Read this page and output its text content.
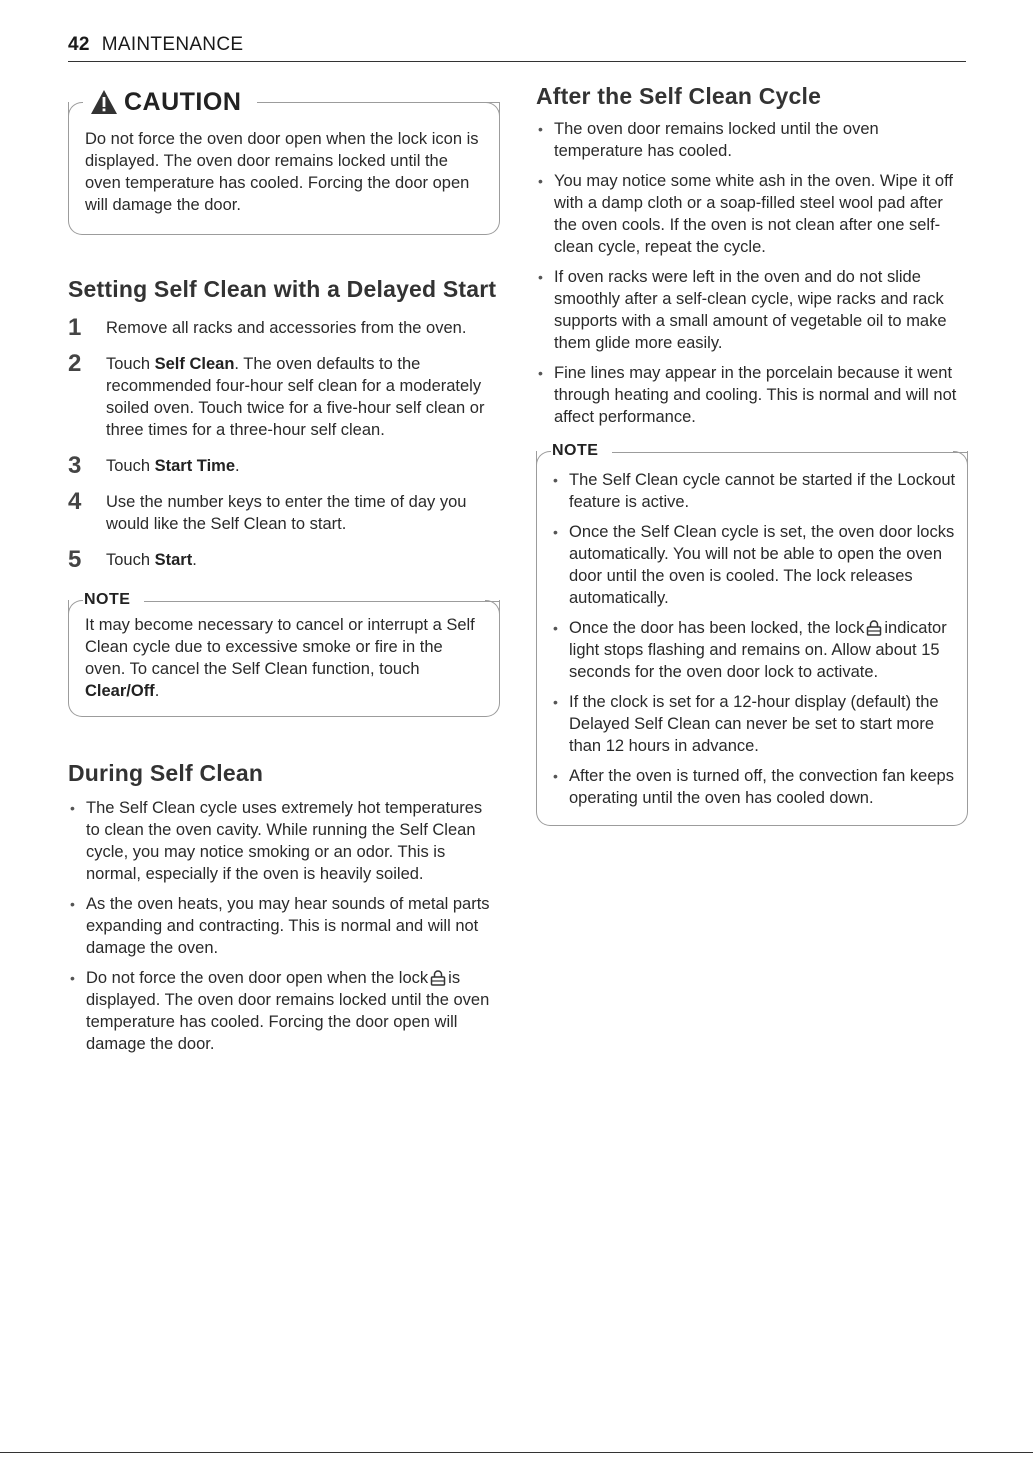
42 MAINTENANCE
CAUTION
Do not force the oven door open when the lock icon is displayed. The oven door remains locked until the oven temperature has cooled. Forcing the door open will damage the door.
Setting Self Clean with a Delayed Start
1	Remove all racks and accessories from the oven.
2	Touch Self Clean. The oven defaults to the recommended four-hour self clean for a moderately soiled oven. Touch twice for a five-hour self clean or three times for a three-hour self clean.
3	Touch Start Time.
4	Use the number keys to enter the time of day you would like the Self Clean to start.
5	Touch Start.
NOTE
It may become necessary to cancel or interrupt a Self Clean cycle due to excessive smoke or fire in the oven. To cancel the Self Clean function, touch Clear/Off.
During Self Clean
• The Self Clean cycle uses extremely hot temperatures to clean the oven cavity. While running the Self Clean cycle, you may notice smoking or an odor. This is normal, especially if the oven is heavily soiled.
• As the oven heats, you may hear sounds of metal parts expanding and contracting. This is normal and will not damage the oven.
• Do not force the oven door open when the lock is displayed. The oven door remains locked until the oven temperature has cooled. Forcing the door open will damage the door.
After the Self Clean Cycle
• The oven door remains locked until the oven temperature has cooled.
• You may notice some white ash in the oven. Wipe it off with a damp cloth or a soap-filled steel wool pad after the oven cools. If the oven is not clean after one self-clean cycle, repeat the cycle.
• If oven racks were left in the oven and do not slide smoothly after a self-clean cycle, wipe racks and rack supports with a small amount of vegetable oil to make them glide more easily.
• Fine lines may appear in the porcelain because it went through heating and cooling. This is normal and will not affect performance.
NOTE
• The Self Clean cycle cannot be started if the Lockout feature is active.
• Once the Self Clean cycle is set, the oven door locks automatically. You will not be able to open the oven door until the oven is cooled. The lock releases automatically.
• Once the door has been locked, the lock indicator light stops flashing and remains on. Allow about 15 seconds for the oven door lock to activate.
• If the clock is set for a 12-hour display (default) the Delayed Self Clean can never be set to start more than 12 hours in advance.
• After the oven is turned off, the convection fan keeps operating until the oven has cooled down.
